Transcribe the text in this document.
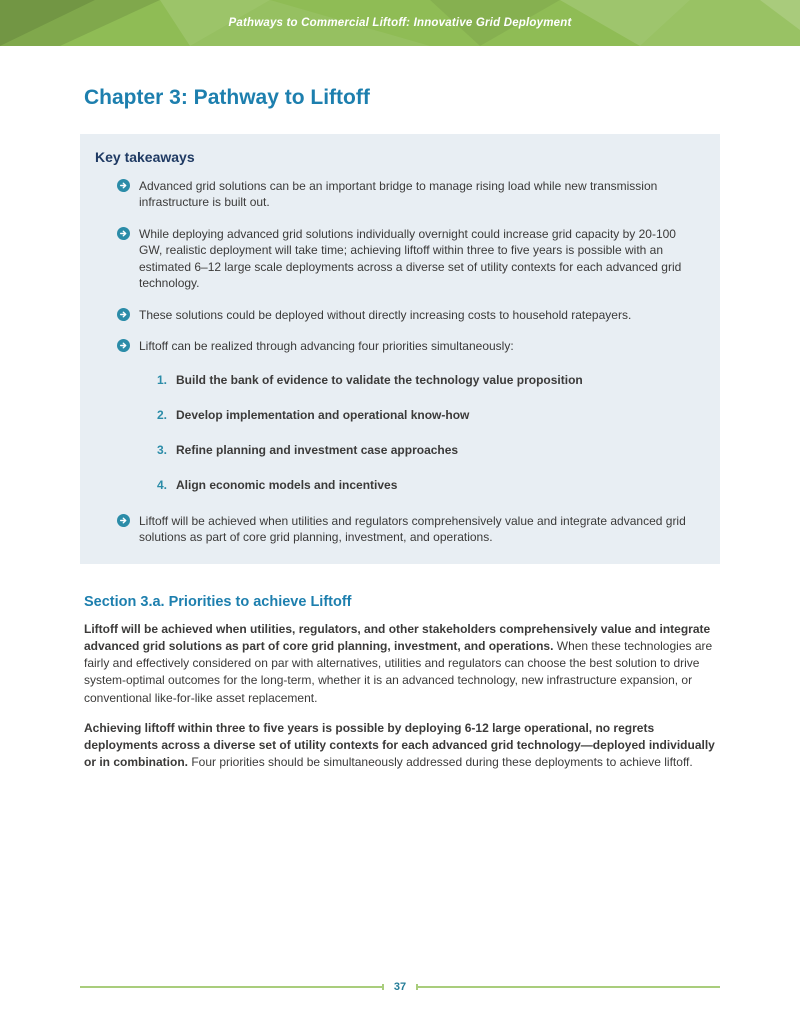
Pathways to Commercial Liftoff: Innovative Grid Deployment
Chapter 3: Pathway to Liftoff
Key takeaways
Advanced grid solutions can be an important bridge to manage rising load while new transmission infrastructure is built out.
While deploying advanced grid solutions individually overnight could increase grid capacity by 20-100 GW, realistic deployment will take time; achieving liftoff within three to five years is possible with an estimated 6–12 large scale deployments across a diverse set of utility contexts for each advanced grid technology.
These solutions could be deployed without directly increasing costs to household ratepayers.
Liftoff can be realized through advancing four priorities simultaneously:
1. Build the bank of evidence to validate the technology value proposition
2. Develop implementation and operational know-how
3. Refine planning and investment case approaches
4. Align economic models and incentives
Liftoff will be achieved when utilities and regulators comprehensively value and integrate advanced grid solutions as part of core grid planning, investment, and operations.
Section 3.a. Priorities to achieve Liftoff

Liftoff will be achieved when utilities, regulators, and other stakeholders comprehensively value and integrate advanced grid solutions as part of core grid planning, investment, and operations. When these technologies are fairly and effectively considered on par with alternatives, utilities and regulators can choose the best solution to drive system-optimal outcomes for the long-term, whether it is an advanced technology, new infrastructure expansion, or conventional like-for-like asset replacement.

Achieving liftoff within three to five years is possible by deploying 6-12 large operational, no regrets deployments across a diverse set of utility contexts for each advanced grid technology—deployed individually or in combination. Four priorities should be simultaneously addressed during these deployments to achieve liftoff.

37
